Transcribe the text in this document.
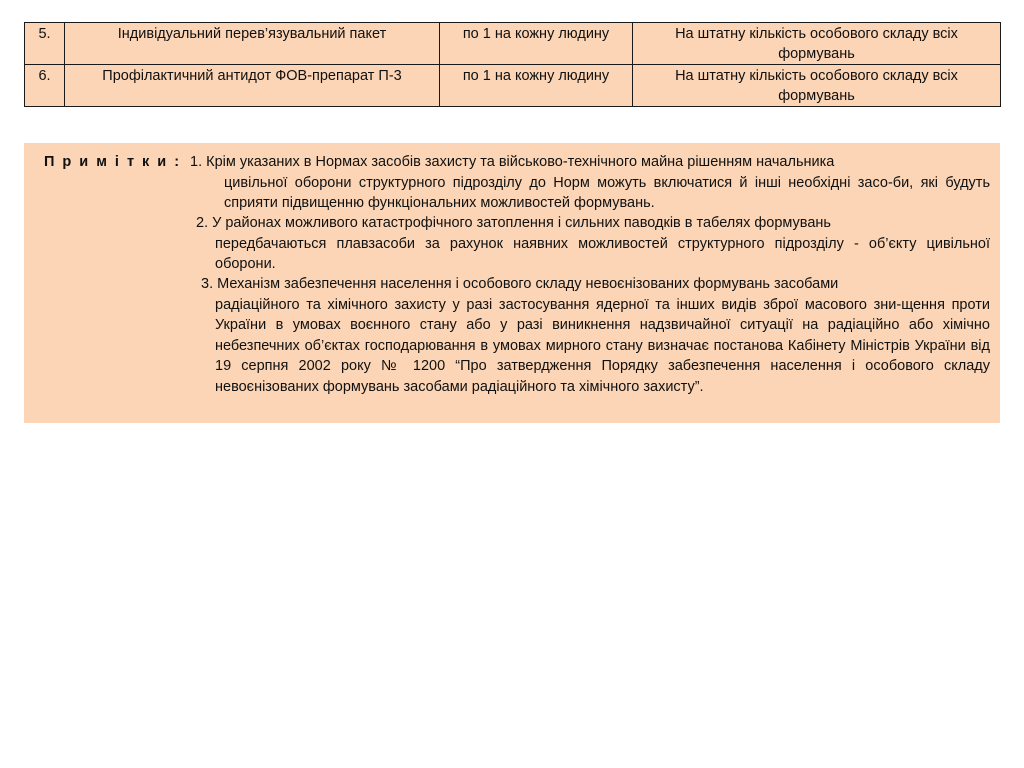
5.	Індивідуальний перев’язувальний пакет	по 1 на кожну людину	На штатну кількість особового складу всіх формувань
6.	Профілактичний антидот ФОВ-препарат П-3	по 1 на кожну людину	На штатну кількість особового складу всіх формувань
Примітки: 1. Крім указаних в Нормах засобів захисту та військово-технічного майна рішенням начальника
цивільної оборони структурного підрозділу до Норм можуть включатися й інші необхідні засо-би, які будуть сприяти підвищенню функціональних можливостей формувань.
2. У районах можливого катастрофічного затоплення і сильних паводків в табелях формувань
передбачаються плавзасоби за рахунок наявних можливостей структурного підрозділу - об’єкту цивільної оборони.
3. Механізм забезпечення населення і особового складу невоєнізованих формувань засобами
радіаційного та хімічного захисту у разі застосування ядерної та інших видів зброї масового зни-щення проти України в умовах воєнного стану або у разі виникнення надзвичайної ситуації на радіаційно або хімічно небезпечних об’єктах господарювання в умовах мирного стану визначає постанова Кабінету Міністрів України від 19 серпня 2002 року № 1200 “Про затвердження Порядку забезпечення населення і особового складу невоєнізованих формувань засобами радіаційного та хімічного захисту”.
